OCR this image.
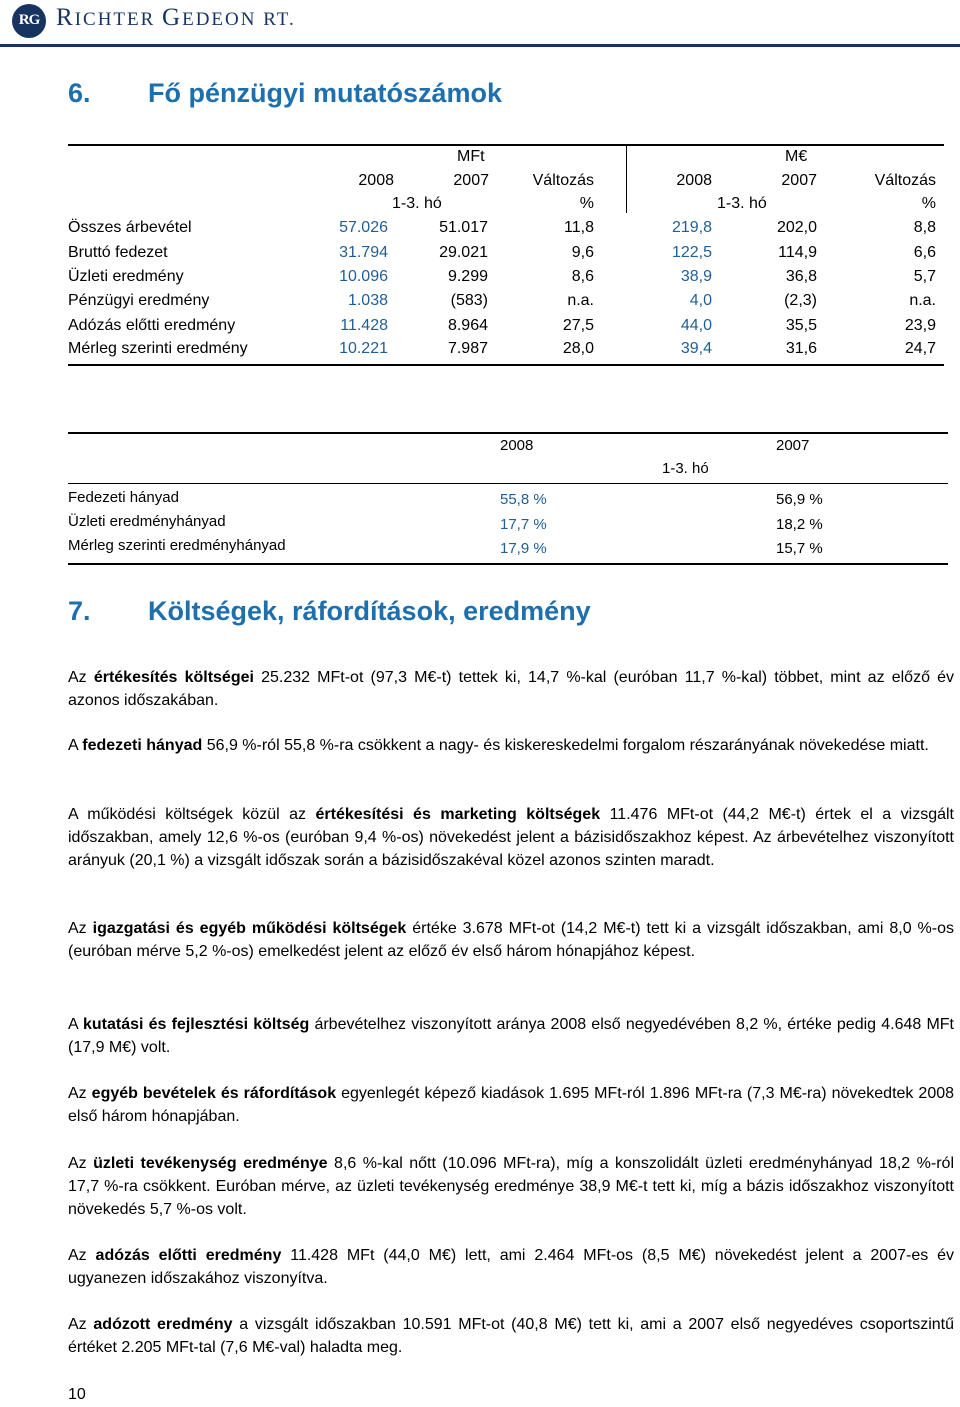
RG RICHTER GEDEON RT.
6. Fő pénzügyi mutatószámok
MFt	M€
2008	2007	Változás	2008	2007	Változás
1-3. hó	%	1-3. hó	%
Összes árbevétel	57.026	51.017	11,8	219,8	202,0	8,8
Bruttó fedezet	31.794	29.021	9,6	122,5	114,9	6,6
Üzleti eredmény	10.096	9.299	8,6	38,9	36,8	5,7
Pénzügyi eredmény	1.038	(583)	n.a.	4,0	(2,3)	n.a.
Adózás előtti eredmény	11.428	8.964	27,5	44,0	35,5	23,9
Mérleg szerinti eredmény	10.221	7.987	28,0	39,4	31,6	24,7
2008	2007
1-3. hó
Fedezeti hányad	55,8 %	56,9 %
Üzleti eredményhányad	17,7 %	18,2 %
Mérleg szerinti eredményhányad	17,9 %	15,7 %
7. Költségek, ráfordítások, eredmény

Az értékesítés költségei 25.232 MFt-ot (97,3 M€-t) tettek ki, 14,7 %-kal (euróban 11,7 %-kal) többet, mint az előző év azonos időszakában.

A fedezeti hányad 56,9 %-ról 55,8 %-ra csökkent a nagy- és kiskereskedelmi forgalom részarányának növekedése miatt.

A működési költségek közül az értékesítési és marketing költségek 11.476 MFt-ot (44,2 M€-t) értek el a vizsgált időszakban, amely 12,6 %-os (euróban 9,4 %-os) növekedést jelent a bázisidőszakhoz képest. Az árbevételhez viszonyított arányuk (20,1 %) a vizsgált időszak során a bázisidőszakéval közel azonos szinten maradt.

Az igazgatási és egyéb működési költségek értéke 3.678 MFt-ot (14,2 M€-t) tett ki a vizsgált időszakban, ami 8,0 %-os (euróban mérve 5,2 %-os) emelkedést jelent az előző év első három hónapjához képest.

A kutatási és fejlesztési költség árbevételhez viszonyított aránya 2008 első negyedévében 8,2 %, értéke pedig 4.648 MFt (17,9 M€) volt.

Az egyéb bevételek és ráfordítások egyenlegét képező kiadások 1.695 MFt-ról 1.896 MFt-ra (7,3 M€-ra) növekedtek 2008 első három hónapjában.

Az üzleti tevékenység eredménye 8,6 %-kal nőtt (10.096 MFt-ra), míg a konszolidált üzleti eredményhányad 18,2 %-ról 17,7 %-ra csökkent. Euróban mérve, az üzleti tevékenység eredménye 38,9 M€-t tett ki, míg a bázis időszakhoz viszonyított növekedés 5,7 %-os volt.

Az adózás előtti eredmény 11.428 MFt (44,0 M€) lett, ami 2.464 MFt-os (8,5 M€) növekedést jelent a 2007-es év ugyanezen időszakához viszonyítva.

Az adózott eredmény a vizsgált időszakban 10.591 MFt-ot (40,8 M€) tett ki, ami a 2007 első negyedéves csoportszintű értéket 2.205 MFt-tal (7,6 M€-val) haladta meg.

10
